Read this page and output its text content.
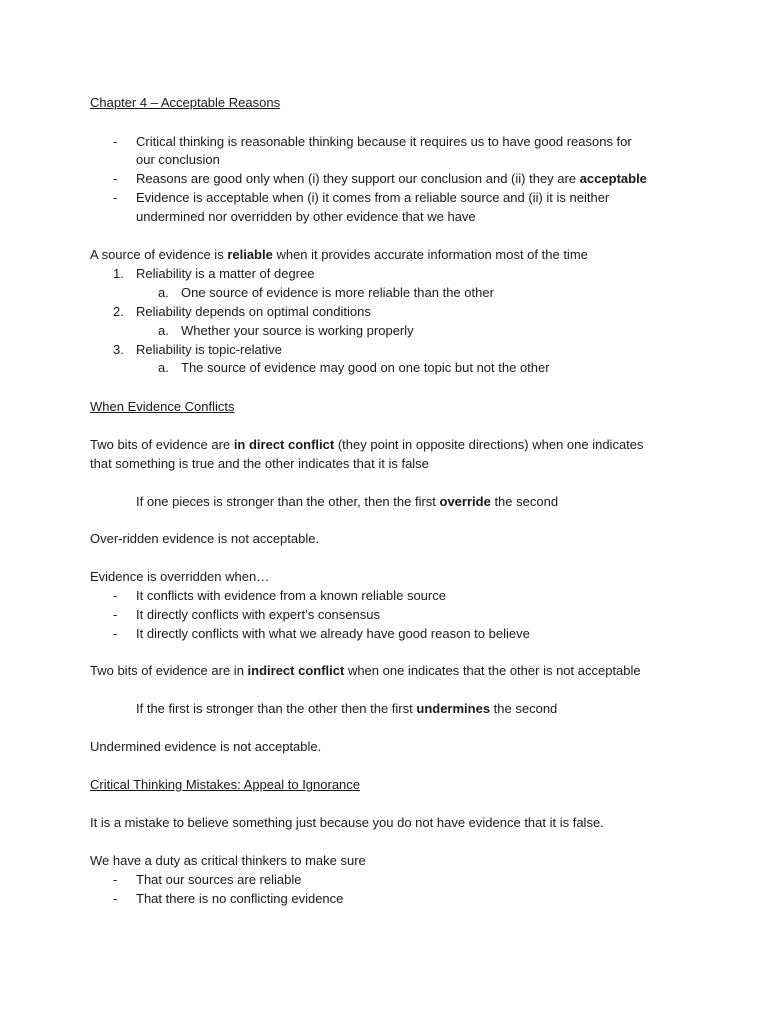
Chapter 4 – Acceptable Reasons
- Critical thinking is reasonable thinking because it requires us to have good reasons for
our conclusion
- Reasons are good only when (i) they support our conclusion and (ii) they are acceptable
- Evidence is acceptable when (i) it comes from a reliable source and (ii) it is neither
undermined nor overridden by other evidence that we have
A source of evidence is reliable when it provides accurate information most of the time
1. Reliability is a matter of degree
a. One source of evidence is more reliable than the other
2. Reliability depends on optimal conditions
a. Whether your source is working properly
3. Reliability is topic-relative
a. The source of evidence may good on one topic but not the other
When Evidence Conflicts
Two bits of evidence are in direct conflict (they point in opposite directions) when one indicates
that something is true and the other indicates that it is false
If one pieces is stronger than the other, then the first override the second
Over-ridden evidence is not acceptable.
Evidence is overridden when…
- It conflicts with evidence from a known reliable source
- It directly conflicts with expert’s consensus
- It directly conflicts with what we already have good reason to believe
Two bits of evidence are in indirect conflict when one indicates that the other is not acceptable
If the first is stronger than the other then the first undermines the second
Undermined evidence is not acceptable.
Critical Thinking Mistakes: Appeal to Ignorance
It is a mistake to believe something just because you do not have evidence that it is false.
We have a duty as critical thinkers to make sure
- That our sources are reliable
- That there is no conflicting evidence
